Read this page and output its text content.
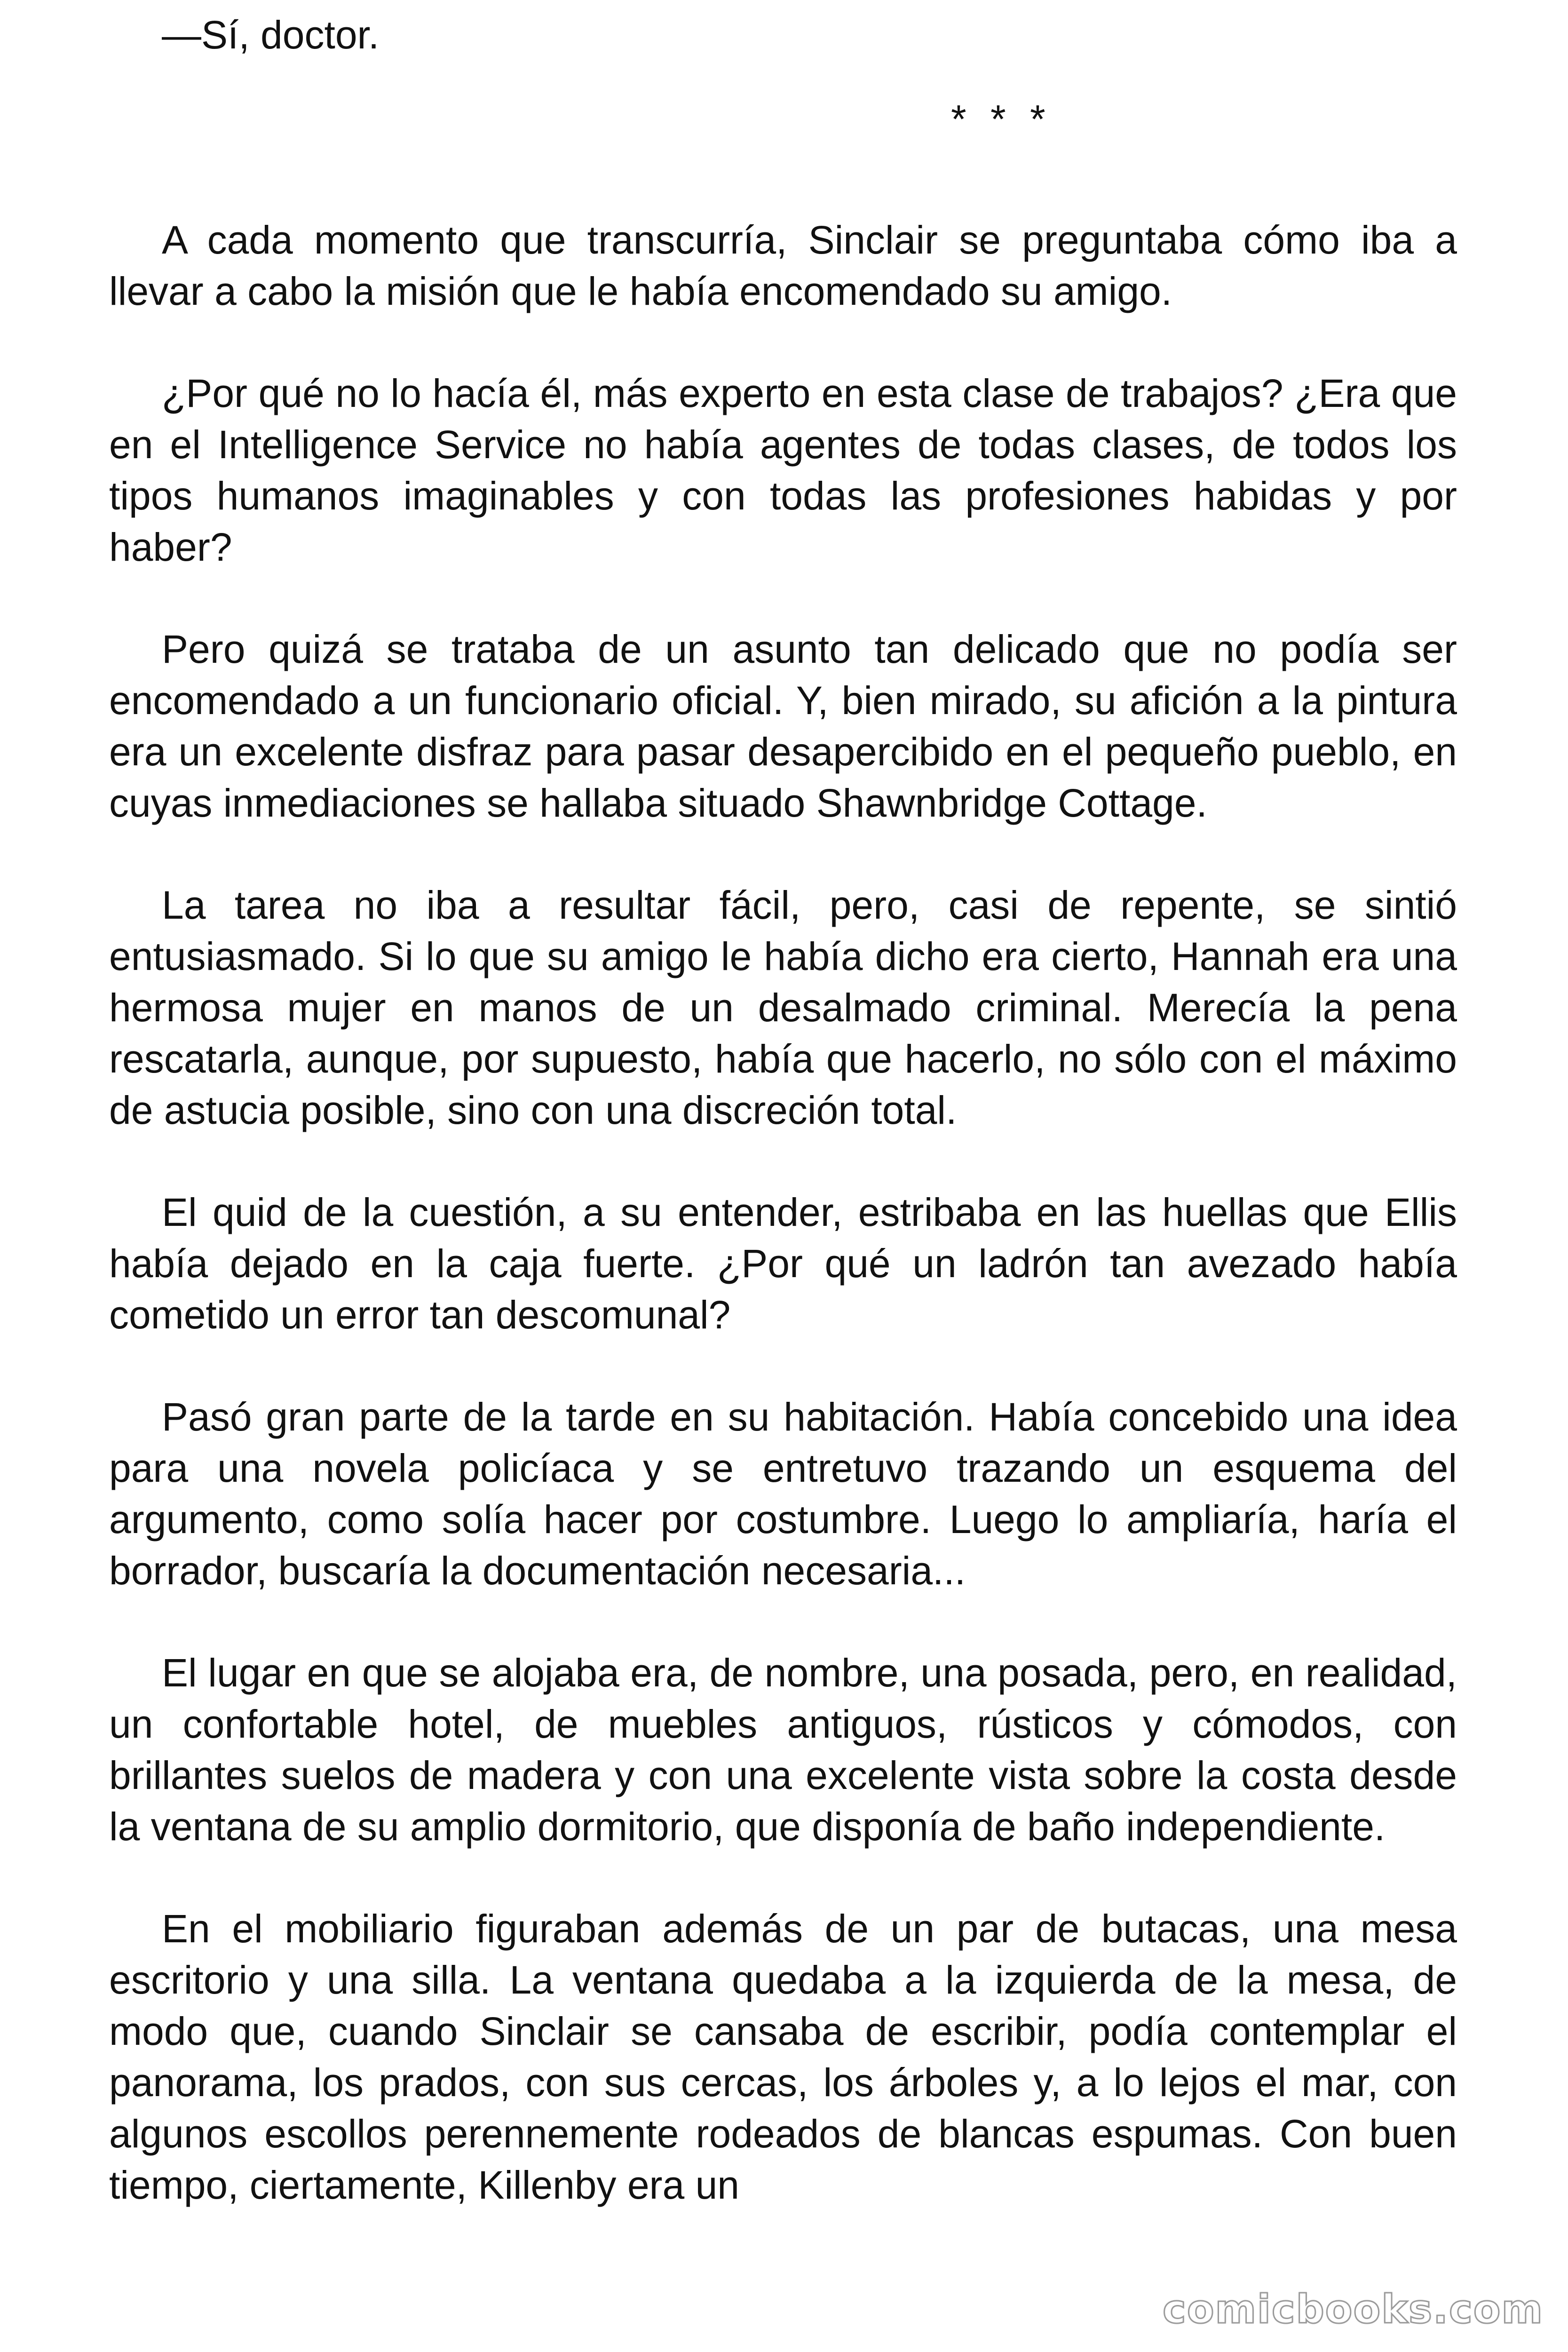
—Sí, doctor.

* * *

A cada momento que transcurría, Sinclair se preguntaba cómo iba a llevar a cabo la misión que le había encomendado su amigo.

¿Por qué no lo hacía él, más experto en esta clase de trabajos? ¿Era que en el Intelligence Service no había agentes de todas clases, de todos los tipos humanos imaginables y con todas las profesiones habidas y por haber?

Pero quizá se trataba de un asunto tan delicado que no podía ser encomendado a un funcionario oficial. Y, bien mirado, su afición a la pintura era un excelente disfraz para pasar desapercibido en el pequeño pueblo, en cuyas inmediaciones se hallaba situado Shawnbridge Cottage.

La tarea no iba a resultar fácil, pero, casi de repente, se sintió entusiasmado. Si lo que su amigo le había dicho era cierto, Hannah era una hermosa mujer en manos de un desalmado criminal. Merecía la pena rescatarla, aunque, por supuesto, había que hacerlo, no sólo con el máximo de astucia posible, sino con una discreción total.

El quid de la cuestión, a su entender, estribaba en las huellas que Ellis había dejado en la caja fuerte. ¿Por qué un ladrón tan avezado había cometido un error tan descomunal?

Pasó gran parte de la tarde en su habitación. Había concebido una idea para una novela policíaca y se entretuvo trazando un esquema del argumento, como solía hacer por costumbre. Luego lo ampliaría, haría el borrador, buscaría la documentación necesaria...

El lugar en que se alojaba era, de nombre, una posada, pero, en realidad, un confortable hotel, de muebles antiguos, rústicos y cómodos, con brillantes suelos de madera y con una excelente vista sobre la costa desde la ventana de su amplio dormitorio, que disponía de baño independiente.

En el mobiliario figuraban además de un par de butacas, una mesa escritorio y una silla. La ventana quedaba a la izquierda de la mesa, de modo que, cuando Sinclair se cansaba de escribir, podía contemplar el panorama, los prados, con sus cercas, los árboles y, a lo lejos el mar, con algunos escollos perennemente rodeados de blancas espumas. Con buen tiempo, ciertamente, Killenby era un

comicbooks.com
